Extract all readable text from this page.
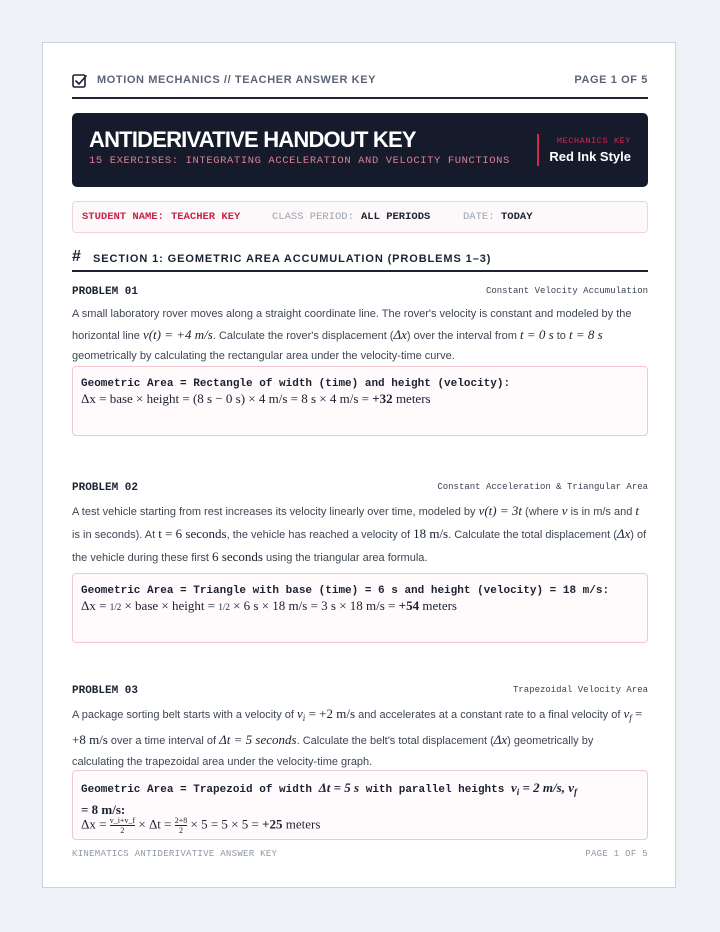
MOTION MECHANICS // TEACHER ANSWER KEY	PAGE 1 OF 5
ANTIDERIVATIVE HANDOUT KEY
15 EXERCISES: INTEGRATING ACCELERATION AND VELOCITY FUNCTIONS
MECHANICS KEY
Red Ink Style
STUDENT NAME: TEACHER KEY	CLASS PERIOD: ALL PERIODS	DATE: TODAY
# SECTION 1: GEOMETRIC AREA ACCUMULATION (PROBLEMS 1–3)
PROBLEM 01	Constant Velocity Accumulation
A small laboratory rover moves along a straight coordinate line. The rover's velocity is constant and modeled by the horizontal line v(t) = +4 m/s. Calculate the rover's displacement (Δx) over the interval from t = 0 s to t = 8 s geometrically by calculating the rectangular area under the velocity-time curve.
Geometric Area = Rectangle of width (time) and height (velocity):
Δx = base × height = (8 s − 0 s) × 4 m/s = 8 s × 4 m/s = +32 meters
PROBLEM 02	Constant Acceleration & Triangular Area
A test vehicle starting from rest increases its velocity linearly over time, modeled by v(t) = 3t (where v is in m/s and t is in seconds). At t = 6 seconds, the vehicle has reached a velocity of 18 m/s. Calculate the total displacement (Δx) of the vehicle during these first 6 seconds using the triangular area formula.
Geometric Area = Triangle with base (time) = 6 s and height (velocity) = 18 m/s:
Δx = 1/2 × base × height = 1/2 × 6 s × 18 m/s = 3 s × 18 m/s = +54 meters
PROBLEM 03	Trapezoidal Velocity Area
A package sorting belt starts with a velocity of $v_i = +2$ m/s and accelerates at a constant rate to a final velocity of $v_f = +8$ m/s over a time interval of Δt = 5 seconds. Calculate the belt's total displacement (Δx) geometrically by calculating the trapezoidal area under the velocity-time graph.
Geometric Area = Trapezoid of width Δt = 5 s with parallel heights $v_i = 2$ m/s, $v_f$
= 8 m/s:
$\Delta x = \frac{v\_i+v\_f}{2} \times \Delta t = \frac{2+8}{2} \times 5 = 5 \times 5 = +25$ meters
KINEMATICS ANTIDERIVATIVE ANSWER KEY	PAGE 1 OF 5
